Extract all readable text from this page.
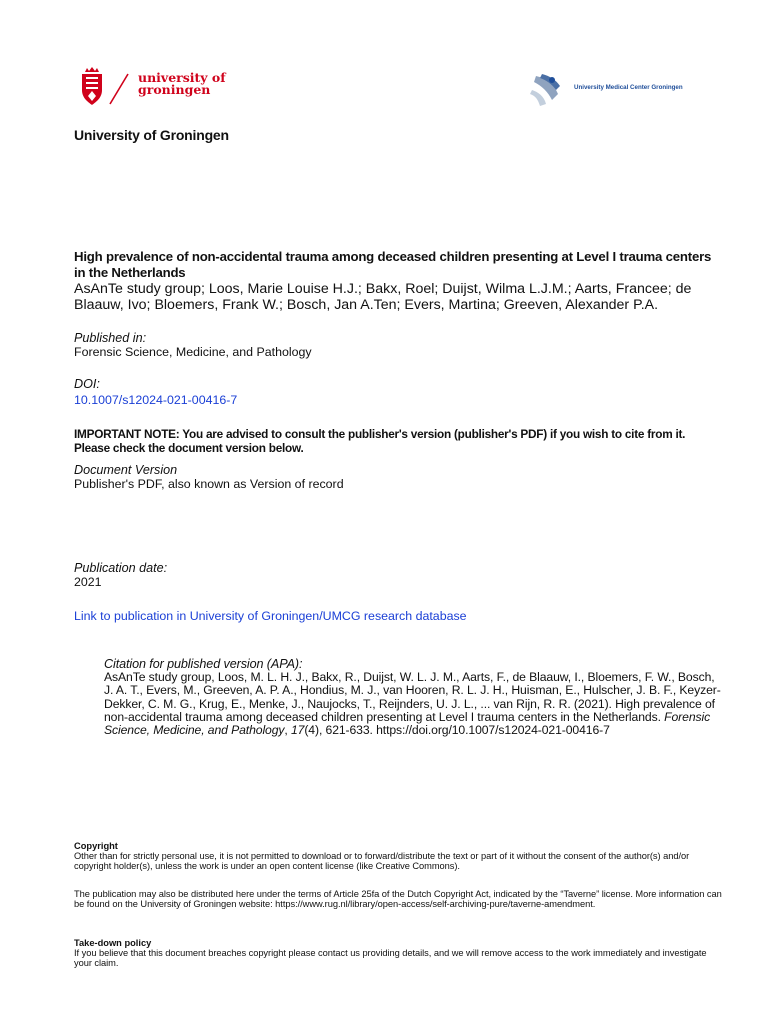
university of
groningen	University Medical Center Groningen
University of Groningen
High prevalence of non-accidental trauma among deceased children presenting at Level I trauma centers in the Netherlands
AsAnTe study group; Loos, Marie Louise H.J.; Bakx, Roel; Duijst, Wilma L.J.M.; Aarts, Francee; de Blaauw, Ivo; Bloemers, Frank W.; Bosch, Jan A.Ten; Evers, Martina; Greeven, Alexander P.A.
Published in:
Forensic Science, Medicine, and Pathology
DOI:
10.1007/s12024-021-00416-7
IMPORTANT NOTE: You are advised to consult the publisher's version (publisher's PDF) if you wish to cite from it. Please check the document version below.
Document Version
Publisher's PDF, also known as Version of record
Publication date:
2021
Link to publication in University of Groningen/UMCG research database
Citation for published version (APA):
AsAnTe study group, Loos, M. L. H. J., Bakx, R., Duijst, W. L. J. M., Aarts, F., de Blaauw, I., Bloemers, F. W., Bosch, J. A. T., Evers, M., Greeven, A. P. A., Hondius, M. J., van Hooren, R. L. J. H., Huisman, E., Hulscher, J. B. F., Keyzer-Dekker, C. M. G., Krug, E., Menke, J., Naujocks, T., Reijnders, U. J. L., ... van Rijn, R. R. (2021). High prevalence of non-accidental trauma among deceased children presenting at Level I trauma centers in the Netherlands. Forensic Science, Medicine, and Pathology, 17(4), 621-633. https://doi.org/10.1007/s12024-021-00416-7
Copyright
Other than for strictly personal use, it is not permitted to download or to forward/distribute the text or part of it without the consent of the author(s) and/or copyright holder(s), unless the work is under an open content license (like Creative Commons).
The publication may also be distributed here under the terms of Article 25fa of the Dutch Copyright Act, indicated by the “Taverne” license. More information can be found on the University of Groningen website: https://www.rug.nl/library/open-access/self-archiving-pure/taverne-amendment.
Take-down policy
If you believe that this document breaches copyright please contact us providing details, and we will remove access to the work immediately and investigate your claim.
